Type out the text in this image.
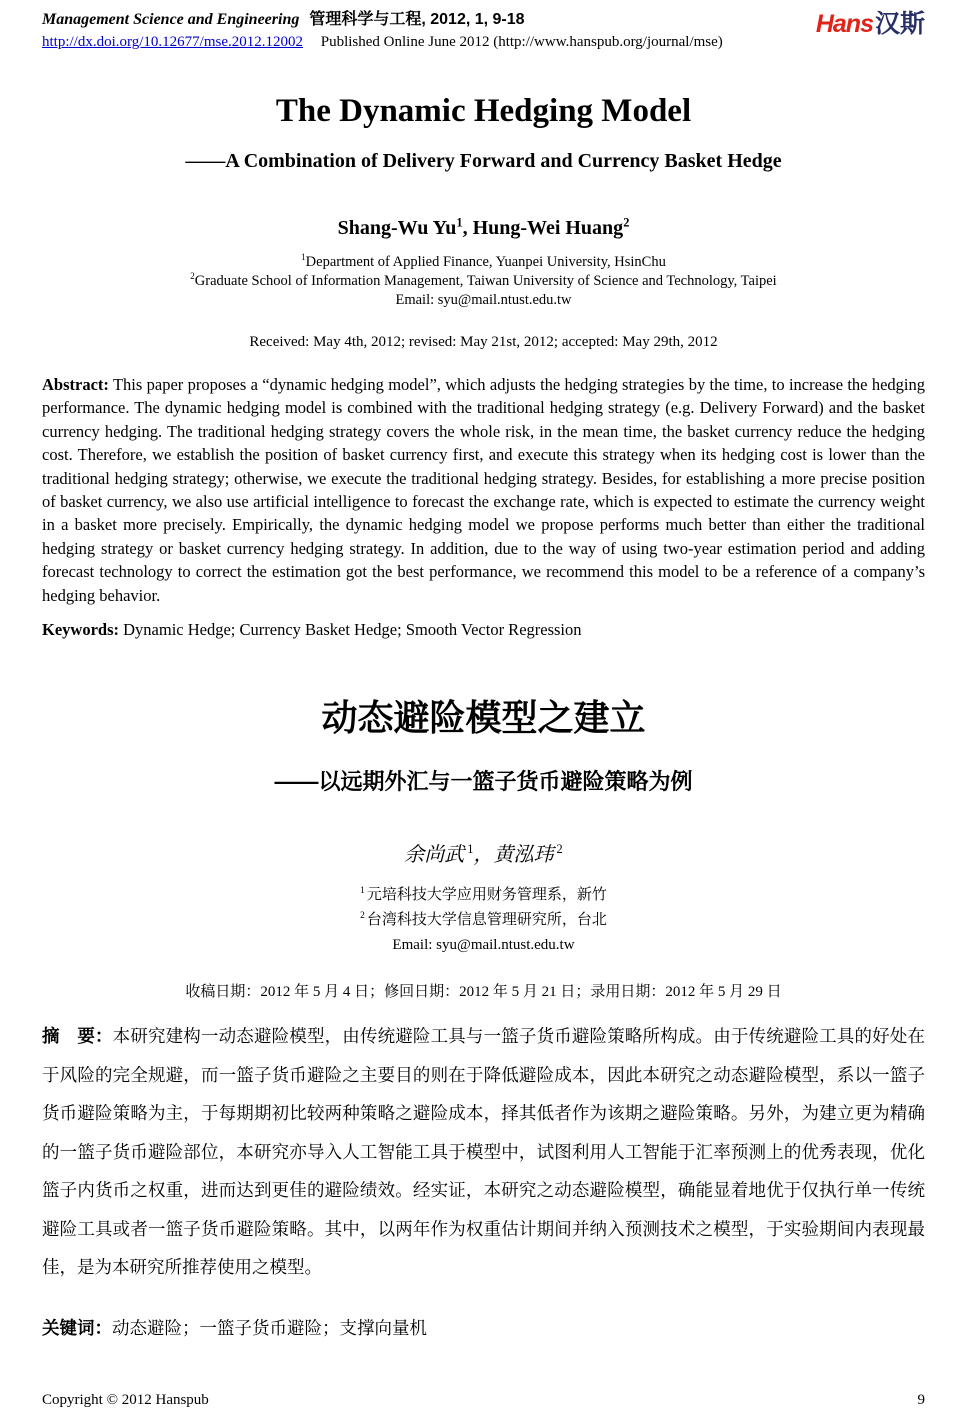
Management Science and Engineering 管理科学与工程, 2012, 1, 9-18
http://dx.doi.org/10.12677/mse.2012.12002 Published Online June 2012 (http://www.hanspub.org/journal/mse)
Hans汉斯
The Dynamic Hedging Model
——A Combination of Delivery Forward and Currency Basket Hedge
Shang-Wu Yu$^1$, Hung-Wei Huang$^2$
$^1$Department of Applied Finance, Yuanpei University, HsinChu
$^2$Graduate School of Information Management, Taiwan University of Science and Technology, Taipei
Email: syu@mail.ntust.edu.tw
Received: May 4th, 2012; revised: May 21st, 2012; accepted: May 29th, 2012

Abstract: This paper proposes a “dynamic hedging model”, which adjusts the hedging strategies by the time, to increase the hedging performance. The dynamic hedging model is combined with the traditional hedging strategy (e.g. Delivery Forward) and the basket currency hedging. The traditional hedging strategy covers the whole risk, in the mean time, the basket currency reduce the hedging cost. Therefore, we establish the position of basket currency first, and execute this strategy when its hedging cost is lower than the traditional hedging strategy; otherwise, we execute the traditional hedging strategy. Besides, for establishing a more precise position of basket currency, we also use artificial intelligence to forecast the exchange rate, which is expected to estimate the currency weight in a basket more precisely. Empirically, the dynamic hedging model we propose performs much better than either the traditional hedging strategy or basket currency hedging strategy. In addition, due to the way of using two-year estimation period and adding forecast technology to correct the estimation got the best performance, we recommend this model to be a reference of a company’s hedging behavior.

Keywords: Dynamic Hedge; Currency Basket Hedge; Smooth Vector Regression

动态避险模型之建立
——以远期外汇与一篮子货币避险策略为例
余尚武 $^1$，黄泓玮 $^2$
$^1$ 元培科技大学应用财务管理系，新竹
$^2$ 台湾科技大学信息管理研究所，台北
Email: syu@mail.ntust.edu.tw
收稿日期：2012 年 5 月 4 日；修回日期：2012 年 5 月 21 日；录用日期：2012 年 5 月 29 日

摘　要：本研究建构一动态避险模型，由传统避险工具与一篮子货币避险策略所构成。由于传统避险工具的好处在于风险的完全规避，而一篮子货币避险之主要目的则在于降低避险成本，因此本研究之动态避险模型，系以一篮子货币避险策略为主，于每期期初比较两种策略之避险成本，择其低者作为该期之避险策略。另外，为建立更为精确的一篮子货币避险部位，本研究亦导入人工智能工具于模型中，试图利用人工智能于汇率预测上的优秀表现，优化篮子内货币之权重，进而达到更佳的避险绩效。经实证，本研究之动态避险模型，确能显着地优于仅执行单一传统避险工具或者一篮子货币避险策略。其中，以两年作为权重估计期间并纳入预测技术之模型，于实验期间内表现最佳，是为本研究所推荐使用之模型。

关键词：动态避险；一篮子货币避险；支撑向量机

Copyright © 2012 Hanspub	9
